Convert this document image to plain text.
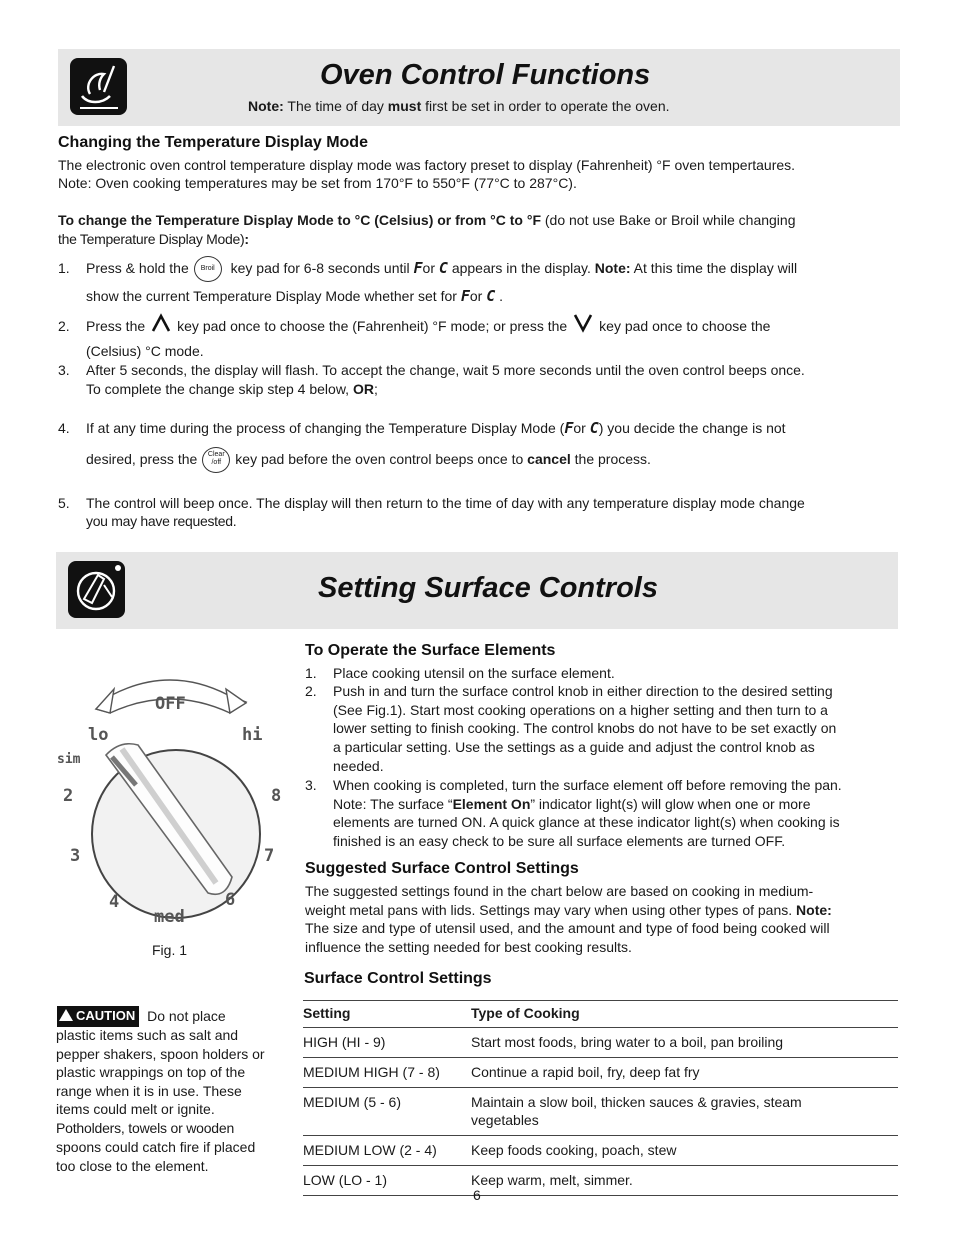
Oven Control Functions
Note: The time of day must first be set in order to operate the oven.
Changing the Temperature Display Mode
The electronic oven control temperature display mode was factory preset to display (Fahrenheit) °F oven tempertaures.
Note: Oven cooking temperatures may be set from 170°F to 550°F (77°C to 287°C).
To change the Temperature Display Mode to °C (Celsius) or from °C to °F (do not use Bake or Broil while changing
the Temperature Display Mode):
1. Press & hold the Broil key pad for 6-8 seconds until For C appears in the display. Note: At this time the display will
show the current Temperature Display Mode whether set for For C .
2. Press the key pad once to choose the (Fahrenheit) °F mode; or press the key pad once to choose the
(Celsius) °C mode.
3. After 5 seconds, the display will flash. To accept the change, wait 5 more seconds until the oven control beeps once.
To complete the change skip step 4 below, OR;
4. If at any time during the process of changing the Temperature Display Mode (For C) you decide the change is not
desired, press the Clear
/off key pad before the oven control beeps once to cancel the process.
5. The control will beep once. The display will then return to the time of day with any temperature display mode change
you may have requested.
Setting Surface Controls
OFF
lo	hi
sim
2	8
3	7
4	6
med
Fig. 1
To Operate the Surface Elements
1. Place cooking utensil on the surface element.
2. Push in and turn the surface control knob in either direction to the desired setting
(See Fig.1). Start most cooking operations on a higher setting and then turn to a
lower setting to finish cooking. The control knobs do not have to be set exactly on
a particular setting. Use the settings as a guide and adjust the control knob as
needed.
3. When cooking is completed, turn the surface element off before removing the pan.
Note: The surface “Element On” indicator light(s) will glow when one or more
elements are turned ON. A quick glance at these indicator light(s) when cooking is
finished is an easy check to be sure all surface elements are turned OFF.
Suggested Surface Control Settings
The suggested settings found in the chart below are based on cooking in medium-
weight metal pans with lids. Settings may vary when using other types of pans. Note:
The size and type of utensil used, and the amount and type of food being cooked will
influence the setting needed for best cooking results.
Surface Control Settings
Setting	Type of Cooking
HIGH (HI - 9)	Start most foods, bring water to a boil, pan broiling
MEDIUM HIGH (7 - 8)	Continue a rapid boil, fry, deep fat fry
MEDIUM (5 - 6)	Maintain a slow boil, thicken sauces & gravies, steam vegetables
MEDIUM LOW (2 - 4)	Keep foods cooking, poach, stew
LOW (LO - 1)	Keep warm, melt, simmer.
CAUTION Do not place
plastic items such as salt and
pepper shakers, spoon holders or
plastic wrappings on top of the
range when it is in use. These
items could melt or ignite.
Potholders, towels or wooden
spoons could catch fire if placed
too close to the element.
6
